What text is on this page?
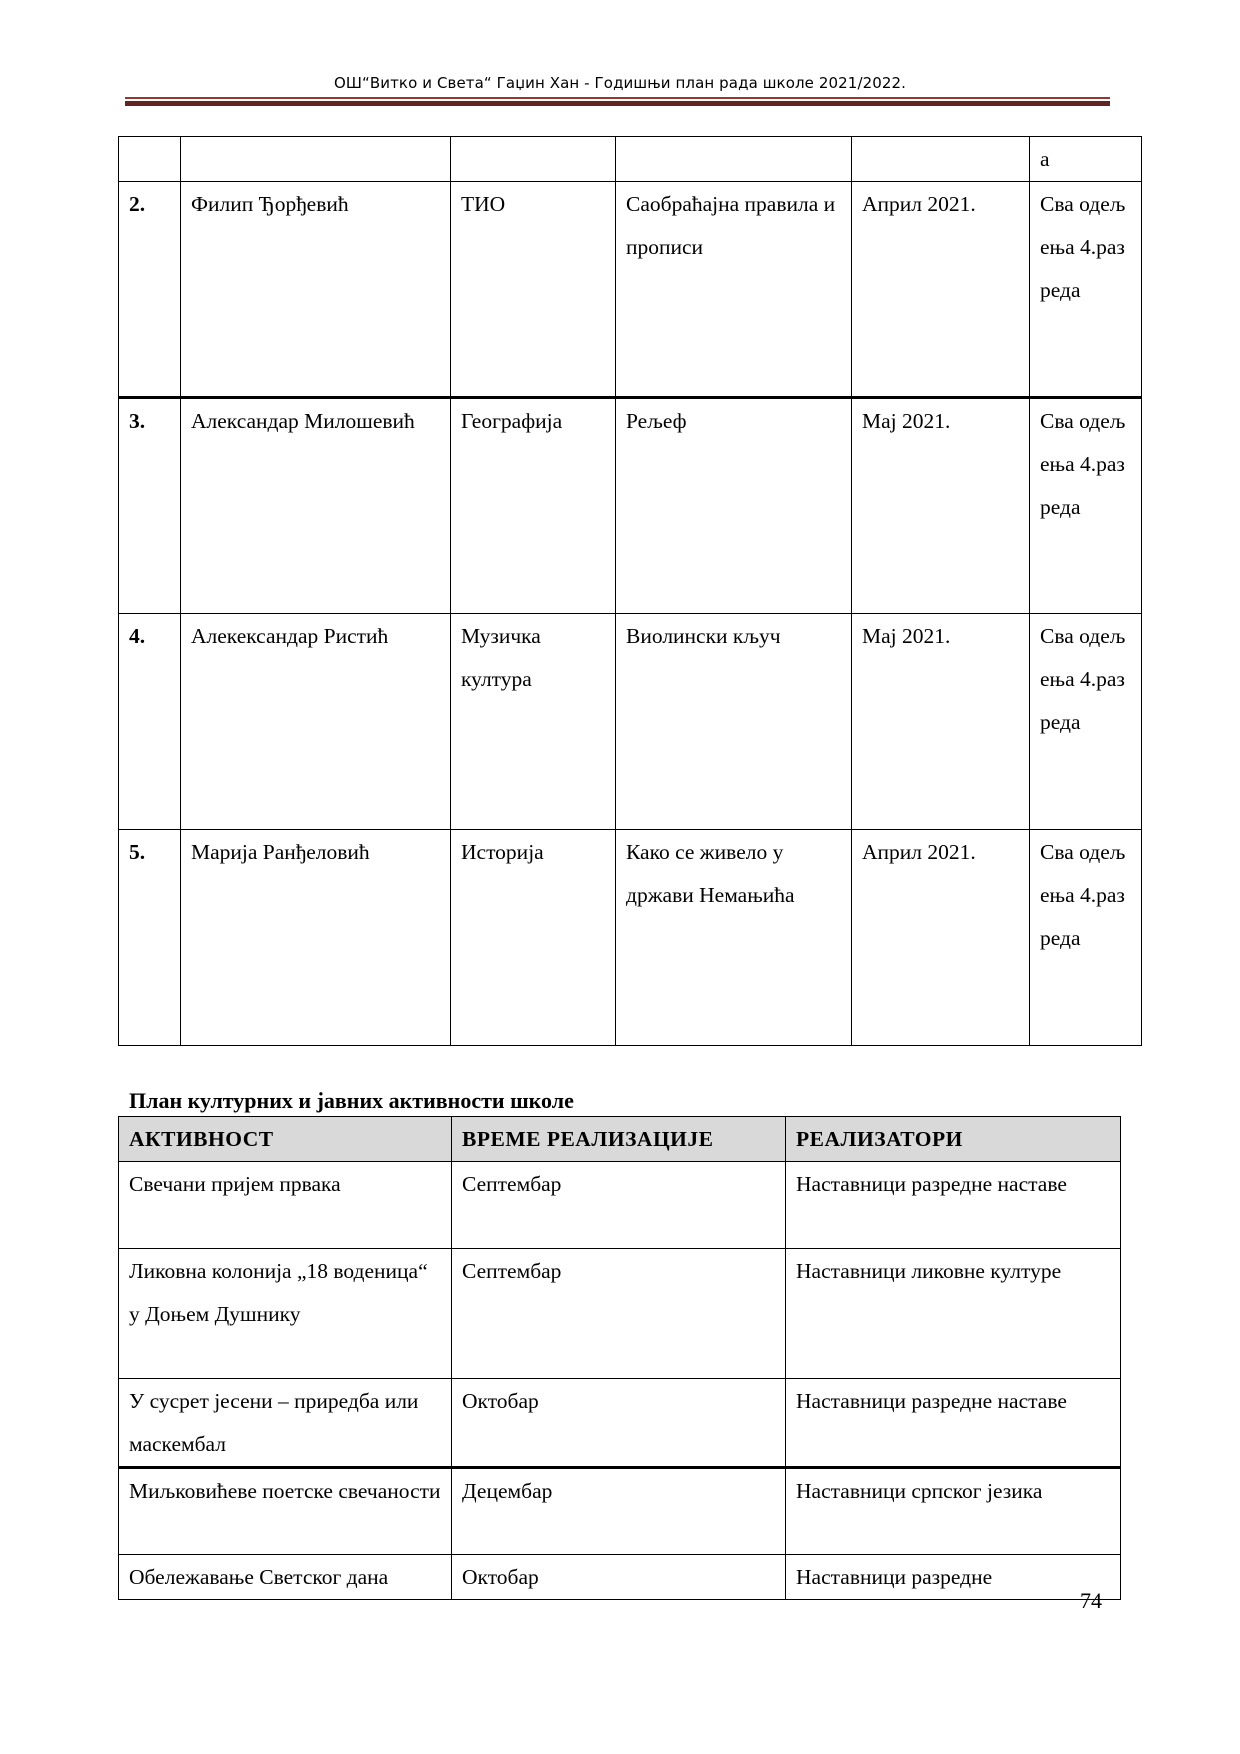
ОШ“Витко и Света“ Гаџин Хан - Годишњи план рада школе 2021/2022.
					а
2.	Филип Ђорђевић	ТИО	Саобраћајна правила и прописи	Април 2021.	Сва одељења 4.разреда
3.	Александар Милошевић	Географија	Рељеф	Мај 2021.	Сва одељења 4.разреда
4.	Алекександар Ристић	Музичка култура	Виолински кључ	Мај 2021.	Сва одељења 4.разреда
5.	Марија Ранђеловић	Историја	Како се живело у држави Немањића	Април 2021.	Сва одељења 4.разреда
План културних и јавних активности школе
АКТИВНОСТ	ВРЕМЕ РЕАЛИЗАЦИЈЕ	РЕАЛИЗАТОРИ
Свечани пријем првака	Септембар	Наставници разредне наставе
Ликовна колонија „18 воденица“ у Доњем Душнику	Септембар	Наставници ликовне културе
У сусрет јесени – приредба или маскембал	Октобар	Наставници разредне наставе
Миљковићеве поетске свечаности	Децембар	Наставници српског језика
Обележавање Светског дана	Октобар	Наставници разредне
74
